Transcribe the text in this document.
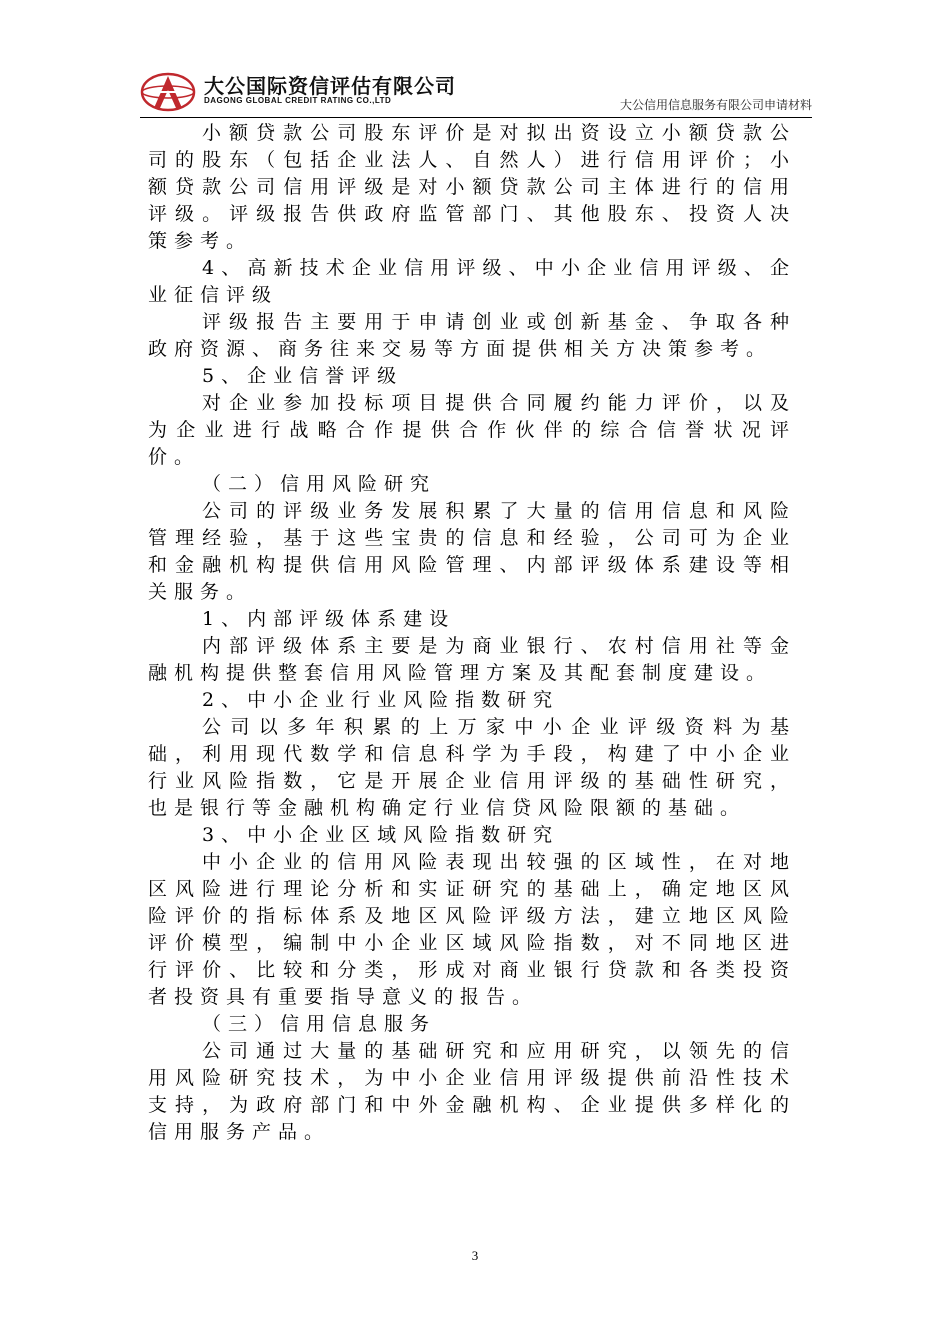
大公国际资信评估有限公司
DAGONG GLOBAL CREDIT RATING CO.,LTD	大公信用信息服务有限公司申请材料

小额贷款公司股东评价是对拟出资设立小额贷款公司的股东（包括企业法人、自然人）进行信用评价；小额贷款公司信用评级是对小额贷款公司主体进行的信用评级。评级报告供政府监管部门、其他股东、投资人决策参考。

4、高新技术企业信用评级、中小企业信用评级、企业征信评级

评级报告主要用于申请创业或创新基金、争取各种政府资源、商务往来交易等方面提供相关方决策参考。

5、企业信誉评级

对企业参加投标项目提供合同履约能力评价，以及为企业进行战略合作提供合作伙伴的综合信誉状况评价。

（二）信用风险研究

公司的评级业务发展积累了大量的信用信息和风险管理经验，基于这些宝贵的信息和经验，公司可为企业和金融机构提供信用风险管理、内部评级体系建设等相关服务。

1、内部评级体系建设

内部评级体系主要是为商业银行、农村信用社等金融机构提供整套信用风险管理方案及其配套制度建设。

2、中小企业行业风险指数研究

公司以多年积累的上万家中小企业评级资料为基础，利用现代数学和信息科学为手段，构建了中小企业行业风险指数，它是开展企业信用评级的基础性研究，也是银行等金融机构确定行业信贷风险限额的基础。

3、中小企业区域风险指数研究

中小企业的信用风险表现出较强的区域性，在对地区风险进行理论分析和实证研究的基础上，确定地区风险评价的指标体系及地区风险评级方法，建立地区风险评价模型，编制中小企业区域风险指数，对不同地区进行评价、比较和分类，形成对商业银行贷款和各类投资者投资具有重要指导意义的报告。

（三）信用信息服务

公司通过大量的基础研究和应用研究，以领先的信用风险研究技术，为中小企业信用评级提供前沿性技术支持，为政府部门和中外金融机构、企业提供多样化的信用服务产品。

3
